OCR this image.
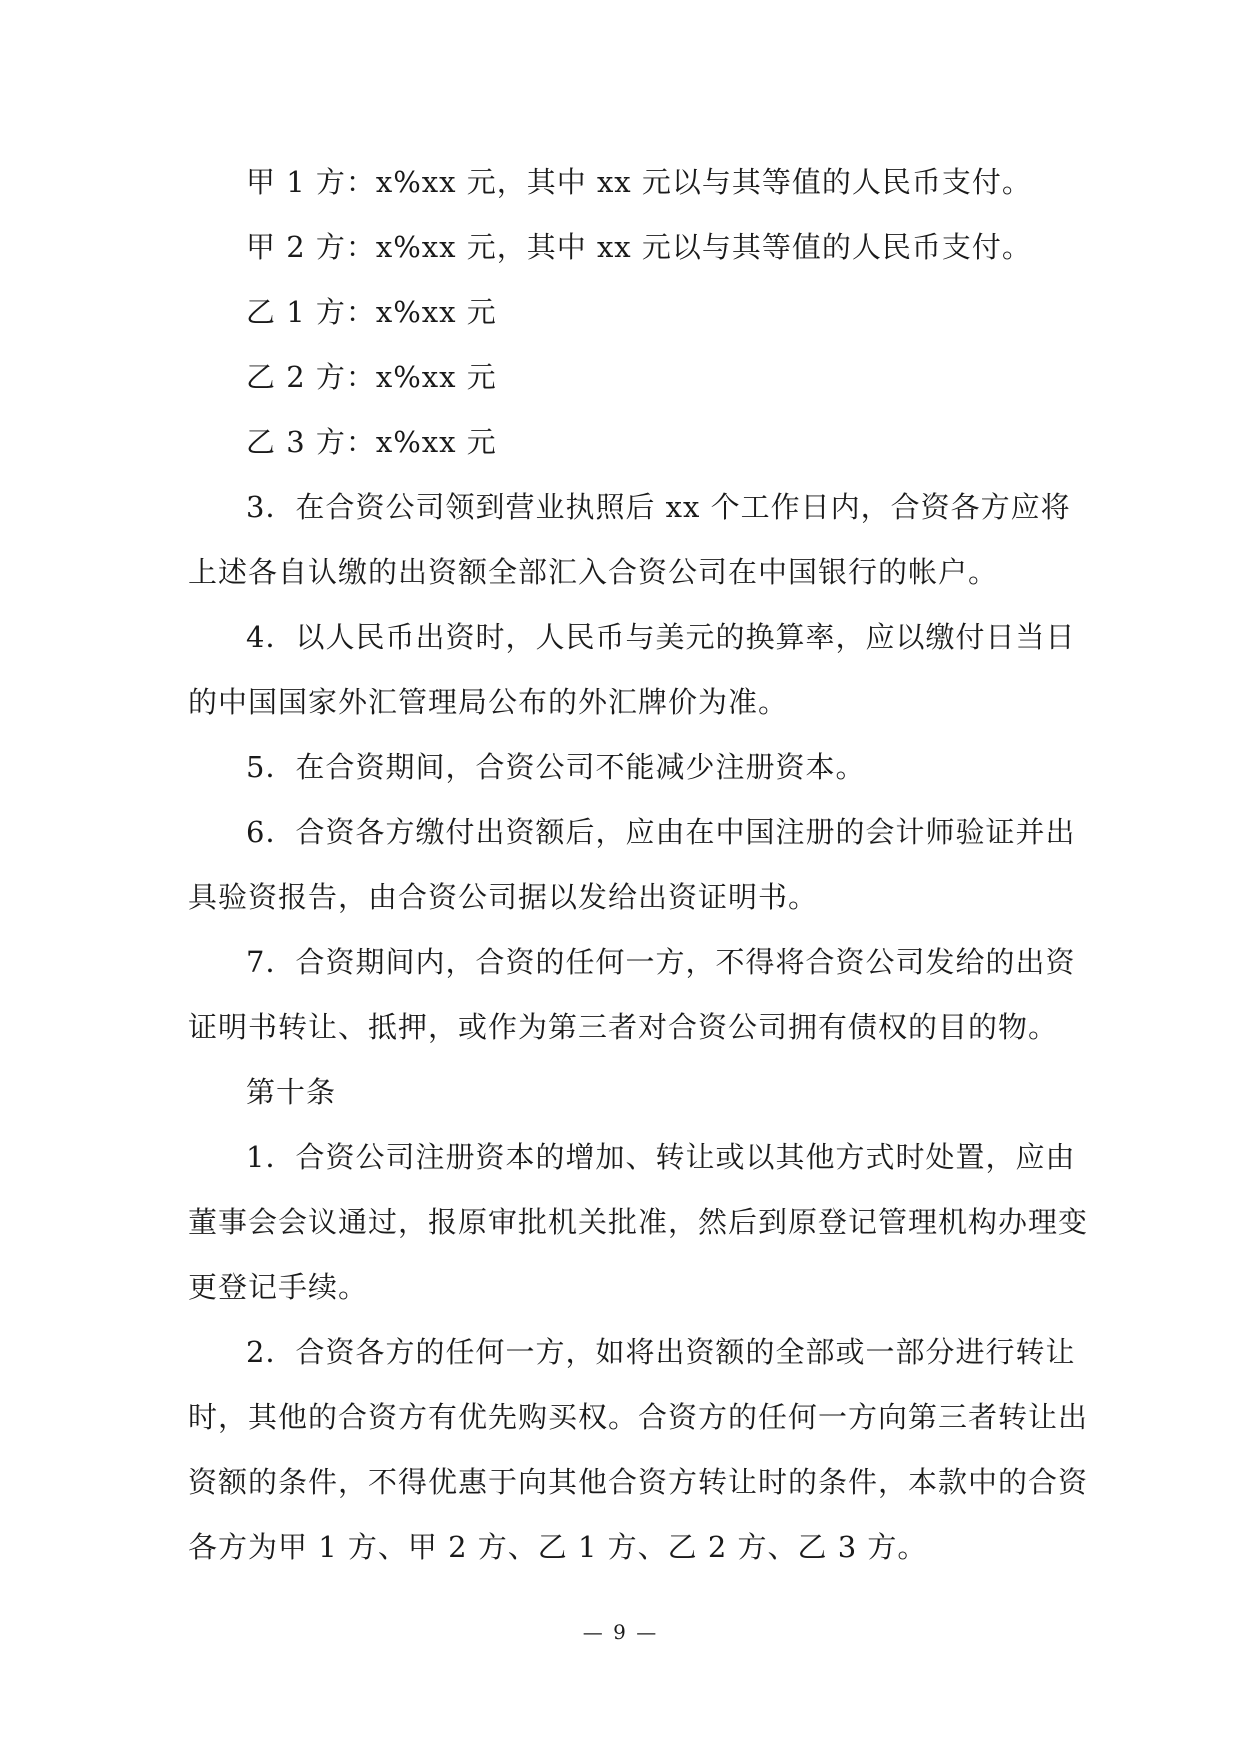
甲 1 方：x%xx 元，其中 xx 元以与其等值的人民币支付。
甲 2 方：x%xx 元，其中 xx 元以与其等值的人民币支付。
乙 1 方：x%xx 元
乙 2 方：x%xx 元
乙 3 方：x%xx 元
3．在合资公司领到营业执照后 xx 个工作日内，合资各方应将
上述各自认缴的出资额全部汇入合资公司在中国银行的帐户。
4．以人民币出资时，人民币与美元的换算率，应以缴付日当日
的中国国家外汇管理局公布的外汇牌价为准。
5．在合资期间，合资公司不能减少注册资本。
6．合资各方缴付出资额后，应由在中国注册的会计师验证并出
具验资报告，由合资公司据以发给出资证明书。
7．合资期间内，合资的任何一方，不得将合资公司发给的出资
证明书转让、抵押，或作为第三者对合资公司拥有债权的目的物。
第十条
1．合资公司注册资本的增加、转让或以其他方式时处置，应由
董事会会议通过，报原审批机关批准，然后到原登记管理机构办理变
更登记手续。
2．合资各方的任何一方，如将出资额的全部或一部分进行转让
时，其他的合资方有优先购买权。合资方的任何一方向第三者转让出
资额的条件，不得优惠于向其他合资方转让时的条件，本款中的合资
各方为甲 1 方、甲 2 方、乙 1 方、乙 2 方、乙 3 方。
— 9 —
